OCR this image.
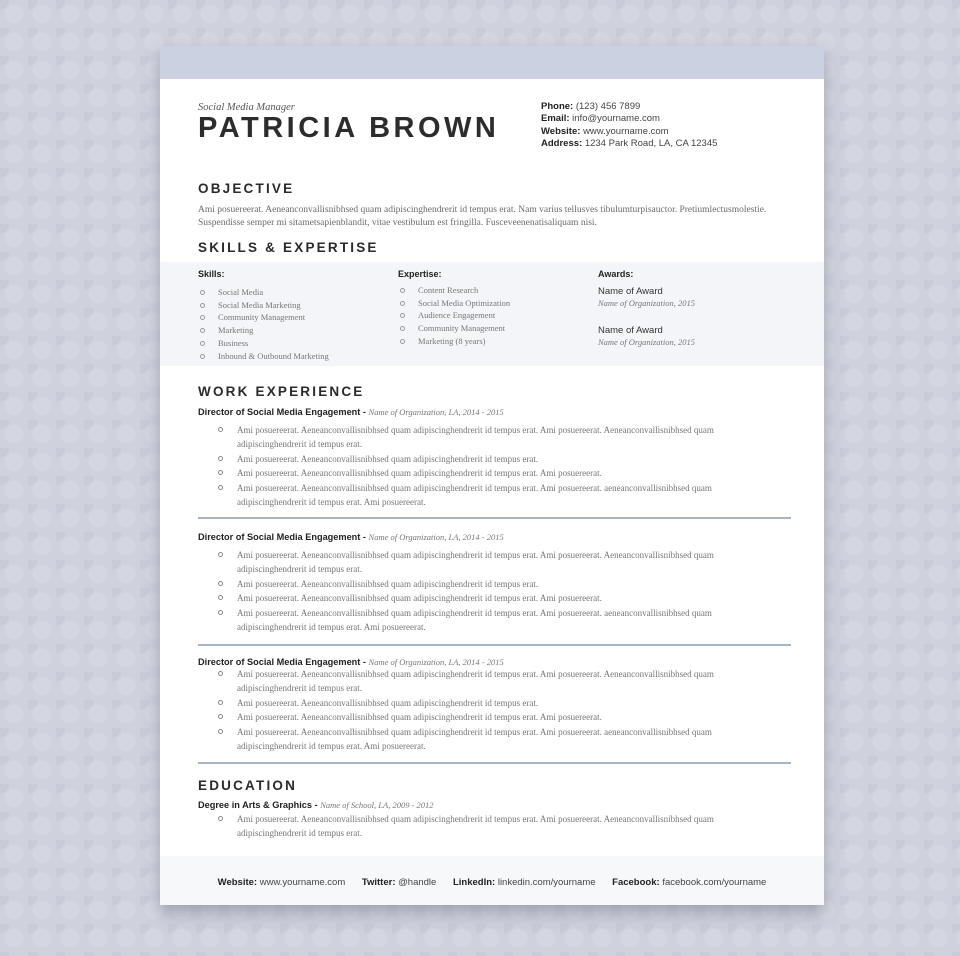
Social Media Manager
PATRICIA BROWN
Phone: (123) 456 7899
Email: info@yourname.com
Website: www.yourname.com
Address: 1234 Park Road, LA, CA 12345
OBJECTIVE
Ami posuereerat. Aeneanconvallisnibhsed quam adipiscinghendrerit id tempus erat. Nam varius tellusves tibulumturpisauctor. Pretiumlectusmolestie. Suspendisse semper mi sitametsapienblandit, vitae vestibulum est fringilla. Fusceveenenatisaliquam nisi.
SKILLS & EXPERTISE
Skills:
Social Media
Social Media Marketing
Community Management
Marketing
Business
Inbound & Outbound Marketing
Expertise:
Content Research
Social Media Optimization
Audience Engagement
Community Management
Marketing (8 years)
Awards:
Name of Award
Name of Organization, 2015
Name of Award
Name of Organization, 2015
WORK EXPERIENCE
Director of Social Media Engagement - Name of Organization, LA, 2014 - 2015
Ami posuereerat. Aeneanconvallisnibhsed quam adipiscinghendrerit id tempus erat. Ami posuereerat. Aeneanconvallisnibhsed quam adipiscinghendrerit id tempus erat.
Ami posuereerat. Aeneanconvallisnibhsed quam adipiscinghendrerit id tempus erat.
Ami posuereerat. Aeneanconvallisnibhsed quam adipiscinghendrerit id tempus erat. Ami posuereerat.
Ami posuereerat. Aeneanconvallisnibhsed quam adipiscinghendrerit id tempus erat. Ami posuereerat. aeneanconvallisnibhsed quam adipiscinghendrerit id tempus erat. Ami posuereerat.
Director of Social Media Engagement - Name of Organization, LA, 2014 - 2015
Ami posuereerat. Aeneanconvallisnibhsed quam adipiscinghendrerit id tempus erat. Ami posuereerat. Aeneanconvallisnibhsed quam adipiscinghendrerit id tempus erat.
Ami posuereerat. Aeneanconvallisnibhsed quam adipiscinghendrerit id tempus erat.
Ami posuereerat. Aeneanconvallisnibhsed quam adipiscinghendrerit id tempus erat. Ami posuereerat.
Ami posuereerat. Aeneanconvallisnibhsed quam adipiscinghendrerit id tempus erat. Ami posuereerat. aeneanconvallisnibhsed quam adipiscinghendrerit id tempus erat. Ami posuereerat.
Director of Social Media Engagement - Name of Organization, LA, 2014 - 2015
Ami posuereerat. Aeneanconvallisnibhsed quam adipiscinghendrerit id tempus erat. Ami posuereerat. Aeneanconvallisnibhsed quam adipiscinghendrerit id tempus erat.
Ami posuereerat. Aeneanconvallisnibhsed quam adipiscinghendrerit id tempus erat.
Ami posuereerat. Aeneanconvallisnibhsed quam adipiscinghendrerit id tempus erat. Ami posuereerat.
Ami posuereerat. Aeneanconvallisnibhsed quam adipiscinghendrerit id tempus erat. Ami posuereerat. aeneanconvallisnibhsed quam adipiscinghendrerit id tempus erat. Ami posuereerat.
EDUCATION
Degree in Arts & Graphics - Name of School, LA, 2009 - 2012
Ami posuereerat. Aeneanconvallisnibhsed quam adipiscinghendrerit id tempus erat. Ami posuereerat. Aeneanconvallisnibhsed quam adipiscinghendrerit id tempus erat.
Website: www.yourname.com Twitter: @handle LinkedIn: linkedin.com/yourname Facebook: facebook.com/yourname
